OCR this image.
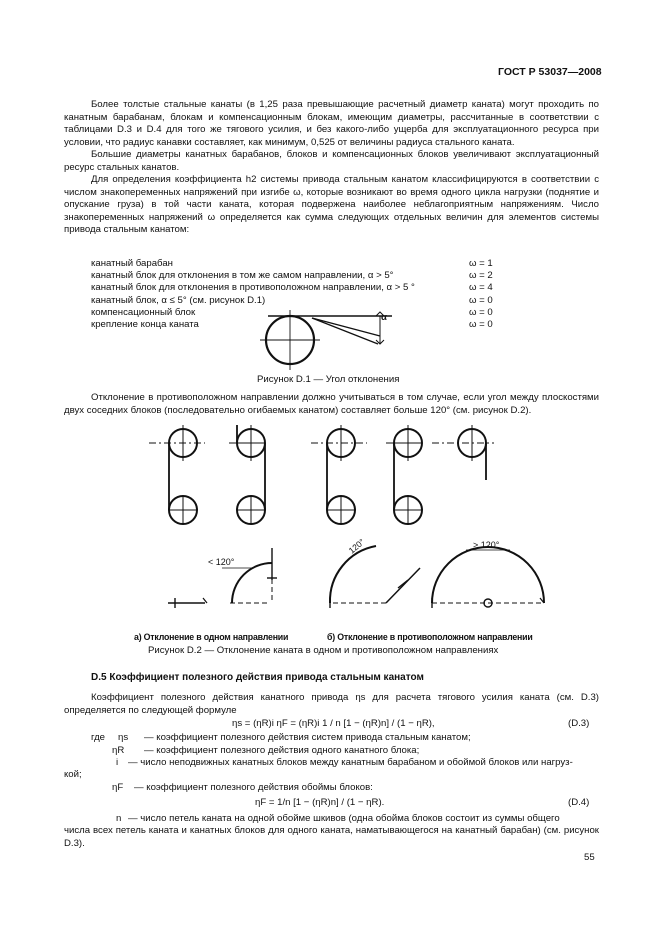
ГОСТ Р 53037—2008
Более толстые стальные канаты (в 1,25 раза превышающие расчетный диаметр каната) могут проходить по канатным барабанам, блокам и компенсационным блокам, имеющим диаметры, рассчитанные в соответствии с таблицами D.3 и D.4 для того же тягового усилия, и без какого-либо ущерба для эксплуатационного ресурса при условии, что радиус канавки составляет, как минимум, 0,525 от величины радиуса стального каната.
Большие диаметры канатных барабанов, блоков и компенсационных блоков увеличивают эксплуатационный ресурс стальных канатов.
Для определения коэффициента h2 системы привода стальным канатом классифицируются в соответствии с числом знакопеременных напряжений при изгибе ω, которые возникают во время одного цикла нагрузки (поднятие и опускание груза) в той части каната, которая подвержена наиболее неблагоприятным напряжениям. Число знакопеременных напряжений ω определяется как сумма следующих отдельных величин для элементов системы привода стальным канатом:
канатный барабан	ω = 1
канатный блок для отклонения в том же самом направлении, α > 5°	ω = 2
канатный блок для отклонения в противоположном направлении, α > 5 °	ω = 4
канатный блок, α ≤ 5° (см. рисунок D.1)	ω = 0
компенсационный блок	ω = 0
крепление конца каната	ω = 0
α
Рисунок D.1 — Угол отклонения
Отклонение в противоположном направлении должно учитываться в том случае, если угол между плоскостями двух соседних блоков (последовательно огибаемых канатом) составляет больше 120° (см. рисунок D.2).
< 120°
120°	> 120°
а) Отклонение в одном направлении	б) Отклонение в противоположном направлении
Рисунок D.2 — Отклонение каната в одном и противоположном направлениях
D.5 Коэффициент полезного действия привода стальным канатом
Коэффициент полезного действия канатного привода ηs для расчета тягового усилия каната (см. D.3) определяется по следующей формуле
ηs = (ηR)i ηF = (ηR)i 1 / n [1 − (ηR)n] / (1 − ηR),	(D.3)
где ηs — коэффициент полезного действия систем привода стальным канатом;
ηR — коэффициент полезного действия одного канатного блока;
i — число неподвижных канатных блоков между канатным барабаном и обоймой блоков или нагруз-
кой;
ηF — коэффициент полезного действия обоймы блоков:
ηF = 1/n [1 − (ηR)n] / (1 − ηR).	(D.4)
n — число петель каната на одной обойме шкивов (одна обойма блоков состоит из суммы общего
числа всех петель каната и канатных блоков для одного каната, наматывающегося на канатный барабан) (см. рисунок D.3).
55
